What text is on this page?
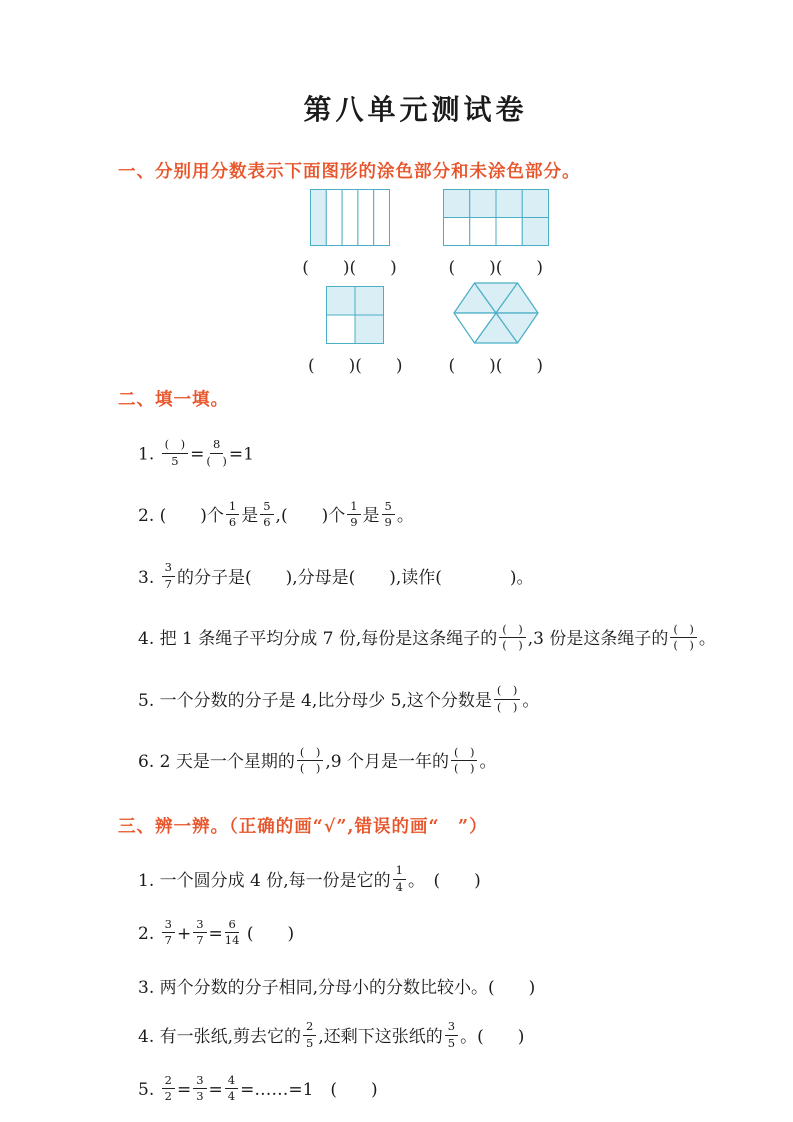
第八单元测试卷
一、分别用分数表示下面图形的涂色部分和未涂色部分。
(　　)(　　)	(　　)(　　)
(　　)(　　)	(　　)(　　)
二、填一填。
1. $\frac{( )}{5} = \frac{8}{( )} =1$
2. (　　)个 $\frac{1}{6}$ 是 $\frac{5}{6}$ ,(　　)个 $\frac{1}{9}$ 是 $\frac{5}{9}$ 。
3. $\frac{3}{7}$ 的分子是(　　),分母是(　　),读作(　　　　)。
4. 把 1 条绳子平均分成 7 份,每份是这条绳子的 $\frac{( )}{( )} ,3$ 份是这条绳子的 $\frac{( )}{( )}$ 。
5. 一个分数的分子是 4,比分母少 5,这个分数是 $\frac{( )}{( )}$ 。
6. 2 天是一个星期的 $\frac{( )}{( )} ,9$ 个月是一年的 $\frac{( )}{( )}$ 。
三、辨一辨。（正确的画“√”,错误的画“　”）
1. 一个圆分成 4 份,每一份是它的 $\frac{1}{4}$ 。　(　　)
2. $\frac{3}{7} + \frac{3}{7} = \frac{6}{14}$ (　　)
3. 两个分数的分子相同,分母小的分数比较小。(　　)
4. 有一张纸,剪去它的 $\frac{2}{5}$ ,还剩下这张纸的 $\frac{3}{5}$ 。(　　)
5. $\frac{2}{2} = \frac{3}{3} = \frac{4}{4}$ =……=1　(　　)
